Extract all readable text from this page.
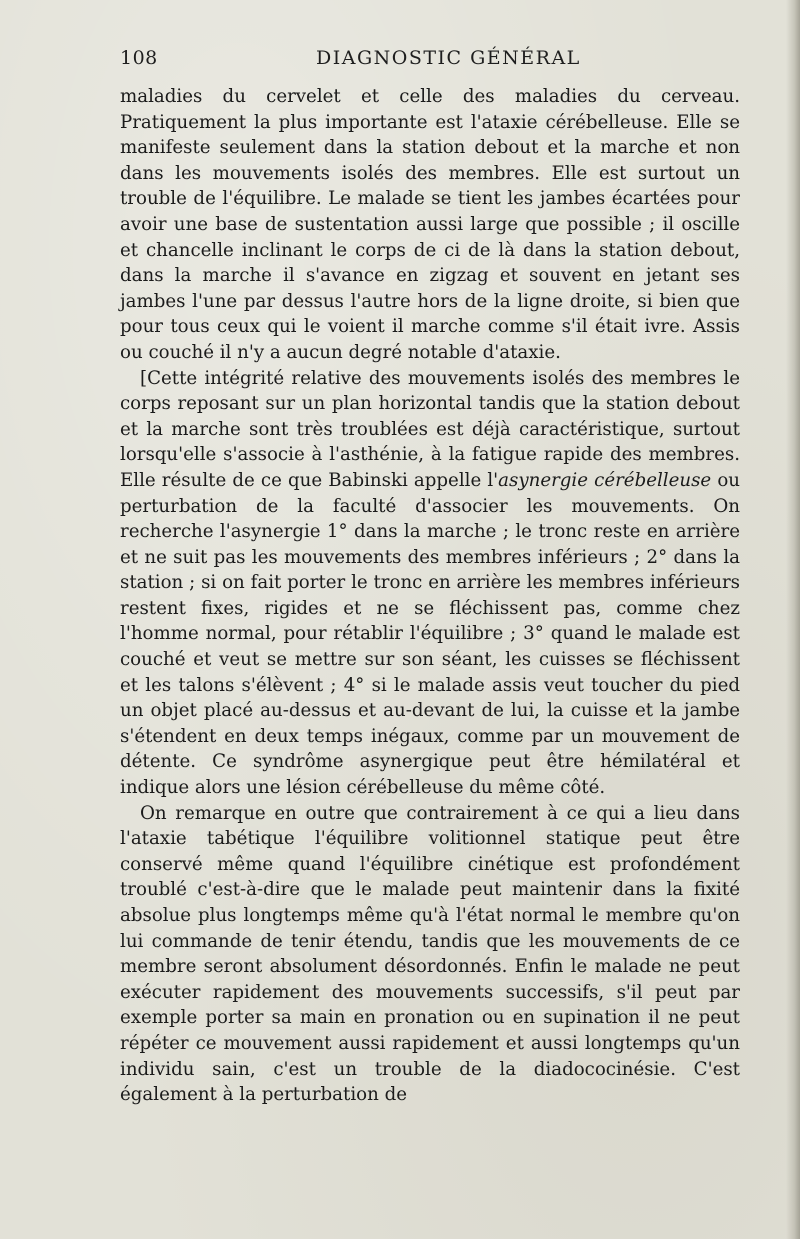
108	DIAGNOSTIC GÉNÉRAL

maladies du cervelet et celle des maladies du cerveau. Pratiquement la plus importante est l'ataxie cérébelleuse. Elle se manifeste seulement dans la station debout et la marche et non dans les mouvements isolés des membres. Elle est surtout un trouble de l'équilibre. Le malade se tient les jambes écartées pour avoir une base de sustentation aussi large que possible ; il oscille et chancelle inclinant le corps de ci de là dans la station debout, dans la marche il s'avance en zigzag et souvent en jetant ses jambes l'une par dessus l'autre hors de la ligne droite, si bien que pour tous ceux qui le voient il marche comme s'il était ivre. Assis ou couché il n'y a aucun degré notable d'ataxie.

[Cette intégrité relative des mouvements isolés des membres le corps reposant sur un plan horizontal tandis que la station debout et la marche sont très troublées est déjà caractéristique, surtout lorsqu'elle s'associe à l'asthénie, à la fatigue rapide des membres. Elle résulte de ce que Babinski appelle l'asynergie cérébelleuse ou perturbation de la faculté d'associer les mouvements. On recherche l'asynergie 1° dans la marche ; le tronc reste en arrière et ne suit pas les mouvements des membres inférieurs ; 2° dans la station ; si on fait porter le tronc en arrière les membres inférieurs restent fixes, rigides et ne se fléchissent pas, comme chez l'homme normal, pour rétablir l'équilibre ; 3° quand le malade est couché et veut se mettre sur son séant, les cuisses se fléchissent et les talons s'élèvent ; 4° si le malade assis veut toucher du pied un objet placé au-dessus et au-devant de lui, la cuisse et la jambe s'étendent en deux temps inégaux, comme par un mouvement de détente. Ce syndrôme asynergique peut être hémilatéral et indique alors une lésion cérébelleuse du même côté.

On remarque en outre que contrairement à ce qui a lieu dans l'ataxie tabétique l'équilibre volitionnel statique peut être conservé même quand l'équilibre cinétique est profondément troublé c'est-à-dire que le malade peut maintenir dans la fixité absolue plus longtemps même qu'à l'état normal le membre qu'on lui commande de tenir étendu, tandis que les mouvements de ce membre seront absolument désordonnés. Enfin le malade ne peut exécuter rapidement des mouvements successifs, s'il peut par exemple porter sa main en pronation ou en supination il ne peut répéter ce mouvement aussi rapidement et aussi longtemps qu'un individu sain, c'est un trouble de la diadococinésie. C'est également à la perturbation de
